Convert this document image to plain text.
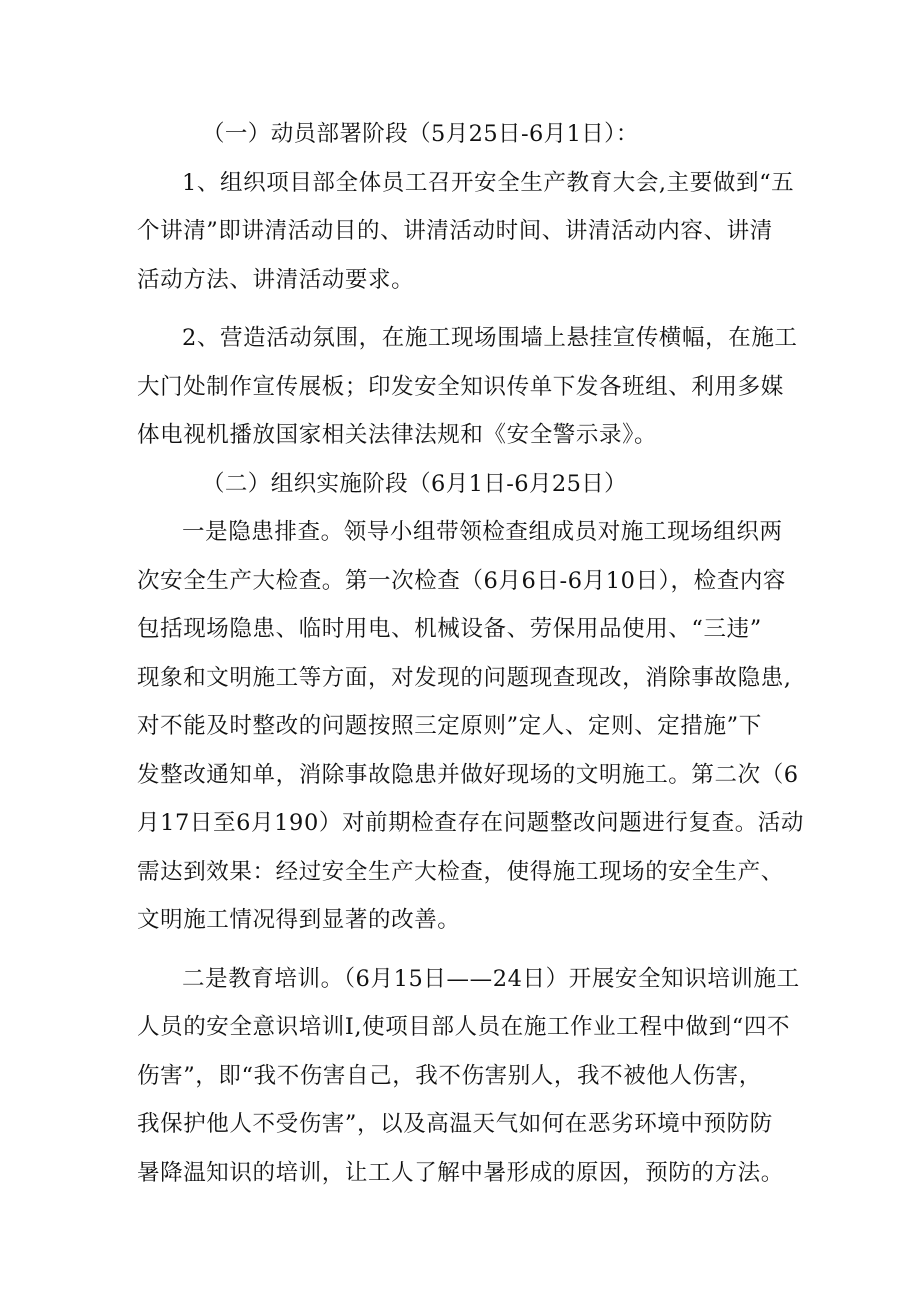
（一）动员部署阶段（5月25日-6月1日）：
1、组织项目部全体员工召开安全生产教育大会,主要做到“五
个讲清”即讲清活动目的、讲清活动时间、讲清活动内容、讲清
活动方法、讲清活动要求。
2、营造活动氛围，在施工现场围墙上悬挂宣传横幅，在施工
大门处制作宣传展板；印发安全知识传单下发各班组、利用多媒
体电视机播放国家相关法律法规和《安全警示录》。
（二）组织实施阶段（6月1日-6月25日）
一是隐患排查。领导小组带领检查组成员对施工现场组织两
次安全生产大检查。第一次检查（6月6日-6月10日），检查内容
包括现场隐患、临时用电、机械设备、劳保用品使用、“三违”
现象和文明施工等方面，对发现的问题现查现改，消除事故隐患,
对不能及时整改的问题按照三定原则”定人、定则、定措施”下
发整改通知单，消除事故隐患并做好现场的文明施工。第二次（6
月17日至6月190）对前期检查存在问题整改问题进行复查。活动
需达到效果：经过安全生产大检查，使得施工现场的安全生产、
文明施工情况得到显著的改善。
二是教育培训。（6月15日——24日）开展安全知识培训施工
人员的安全意识培训I,使项目部人员在施工作业工程中做到“四不
伤害”，即“我不伤害自己，我不伤害别人，我不被他人伤害，
我保护他人不受伤害”，以及高温天气如何在恶劣环境中预防防
暑降温知识的培训，让工人了解中暑形成的原因，预防的方法。
